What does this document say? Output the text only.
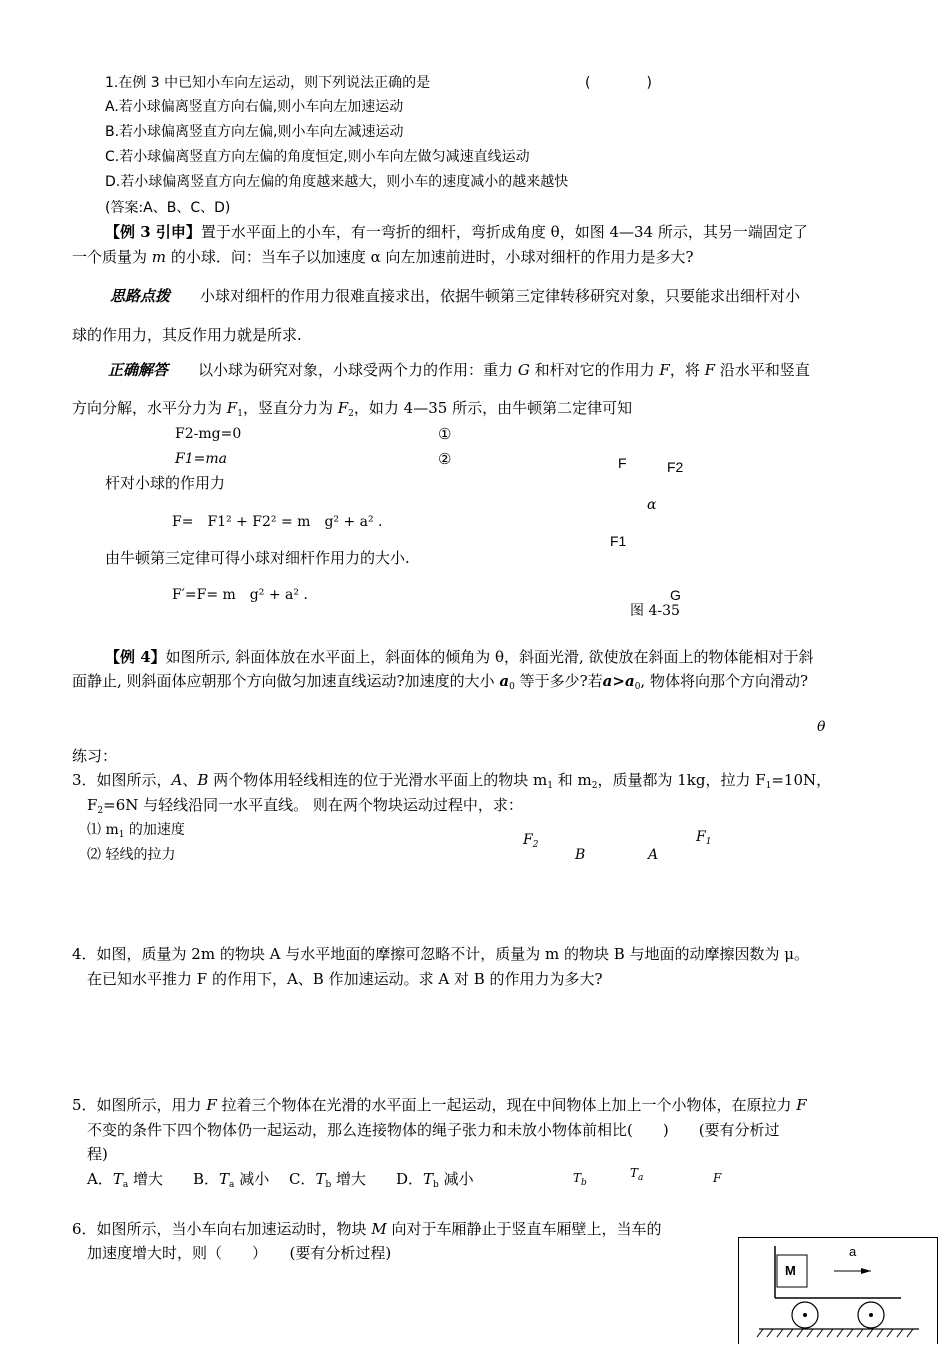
1.在例 3 中已知小车向左运动，则下列说法正确的是	(　　　　)
A.若小球偏离竖直方向右偏,则小车向左加速运动
B.若小球偏离竖直方向左偏,则小车向左减速运动
C.若小球偏离竖直方向左偏的角度恒定,则小车向左做匀减速直线运动
D.若小球偏离竖直方向左偏的角度越来越大，则小车的速度减小的越来越快
(答案:A、B、C、D)
【例 3 引申】置于水平面上的小车，有一弯折的细杆，弯折成角度 θ，如图 4—34 所示，其另一端固定了
一个质量为 m 的小球．问：当车子以加速度 α 向左加速前进时，小球对细杆的作用力是多大?
思路点拨　　 小球对细杆的作用力很难直接求出，依据牛顿第三定律转移研究对象，只要能求出细杆对小
球的作用力，其反作用力就是所求.
正确解答　　 以小球为研究对象，小球受两个力的作用：重力 G 和杆对它的作用力 F，将 F 沿水平和竖直
方向分解，水平分力为 $F_1$，竖直分力为 $F_2$，如力 4—35 所示，由牛顿第二定律可知
F2-mg=0	①
F1=ma	②
杆对小球的作用力
F=　F1² + F2² = m　g² + a² .
由牛顿第三定律可得小球对细杆作用力的大小.
F′=F= m　g² + a² .
F	F2
α
F1
G
图 4-35
【例 4】如图所示, 斜面体放在水平面上，斜面体的倾角为 θ，斜面光滑, 欲使放在斜面上的物体能相对于斜
面静止, 则斜面体应朝那个方向做匀加速直线运动?加速度的大小 $a_0$ 等于多少?若$a>a_0$, 物体将向那个方向滑动?
θ
练习：
3．如图所示，A、B 两个物体用轻线相连的位于光滑水平面上的物块 $m_1$ 和 $m_2$，质量都为 1kg，拉力 $F_1=10N$，
$F_2=6N$ 与轻线沿同一水平直线。 则在两个物块运动过程中，求：
⑴ $m_1$ 的加速度
⑵ 轻线的拉力
$F_2$
B	A
$F_1$
4．如图，质量为 2m 的物块 A 与水平地面的摩擦可忽略不计，质量为 m 的物块 B 与地面的动摩擦因数为 μ。
在已知水平推力 F 的作用下，A、B 作加速运动。求 A 对 B 的作用力为多大?
5．如图所示，用力 F 拉着三个物体在光滑的水平面上一起运动，现在中间物体上加上一个小物体，在原拉力 F
不变的条件下四个物体仍一起运动，那么连接物体的绳子张力和未放小物体前相比(　　)　　(要有分析过
程)
A．$T_a$ 增大　　B．$T_a$ 减小　 C．$T_b$ 增大　　D．$T_b$ 减小	$T_b$
$T_a$	F
6．如图所示，当小车向右加速运动时，物块 M 向对于车厢静止于竖直车厢壁上，当车的
加速度增大时，则（　　）　　(要有分析过程)
M
a
